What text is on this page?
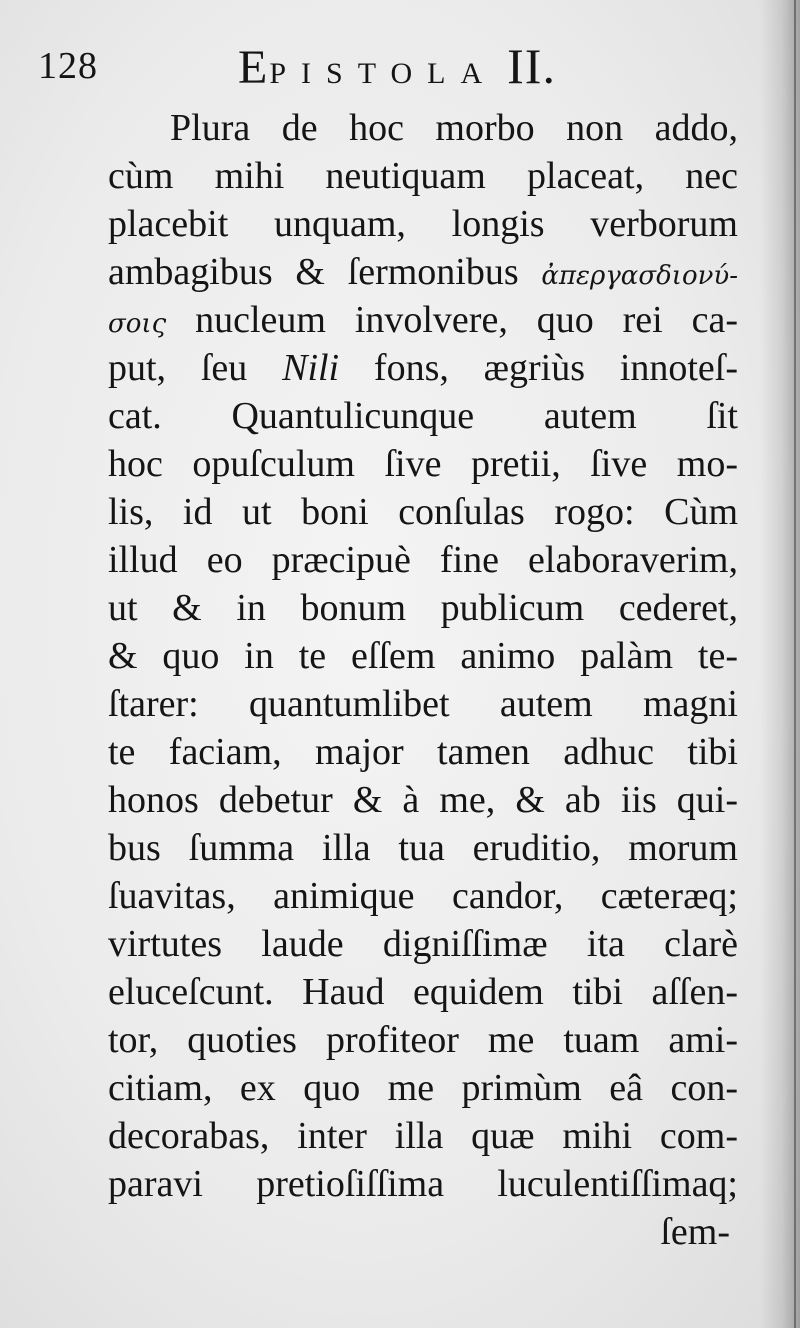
128	EPISTOLA II.
Plura de hoc morbo non addo,
cùm mihi neutiquam placeat, nec
placebit unquam, longis verborum
ambagibus & ſermonibus ἀπεργασδιονύ-
σοις nucleum involvere, quo rei ca-
put, ſeu Nili fons, ægriùs innoteſ-
cat. Quantulicunque autem ſit
hoc opuſculum ſive pretii, ſive mo-
lis, id ut boni conſulas rogo: Cùm
illud eo præcipuè fine elaboraverim,
ut & in bonum publicum cederet,
& quo in te eſſem animo palàm te-
ſtarer: quantumlibet autem magni
te faciam, major tamen adhuc tibi
honos debetur & à me, & ab iis qui-
bus ſumma illa tua eruditio, morum
ſuavitas, animique candor, cæteræq;
virtutes laude digniſſimæ ita clarè
eluceſcunt. Haud equidem tibi aſſen-
tor, quoties profiteor me tuam ami-
citiam, ex quo me primùm eâ con-
decorabas, inter illa quæ mihi com-
paravi pretioſiſſima luculentiſſimaq;
ſem-
